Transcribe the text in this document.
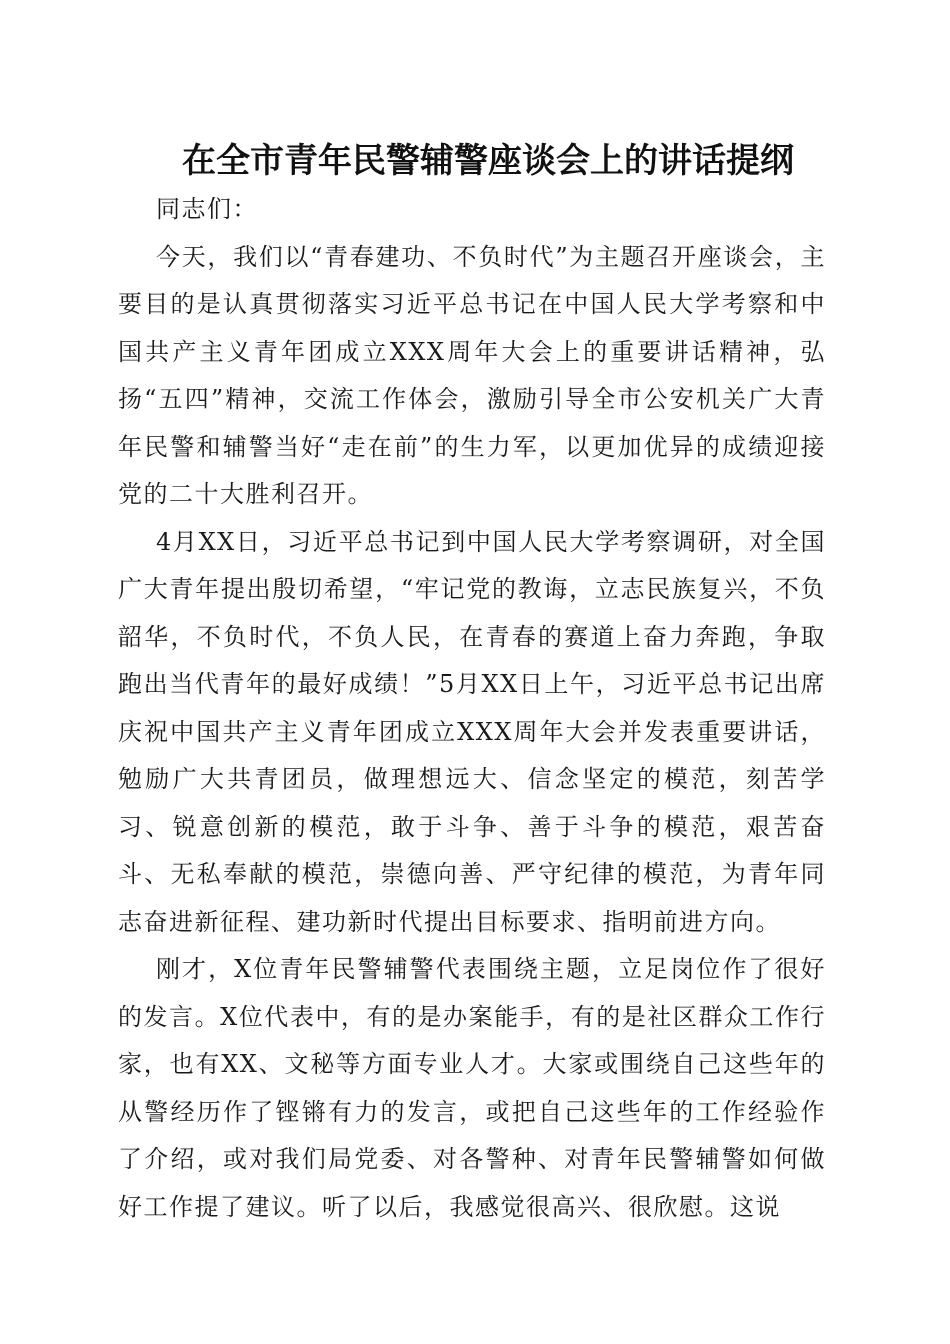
在全市青年民警辅警座谈会上的讲话提纲

同志们：

今天，我们以“青春建功、不负时代”为主题召开座谈会，主要目的是认真贯彻落实习近平总书记在中国人民大学考察和中国共产主义青年团成立XXX周年大会上的重要讲话精神，弘扬“五四”精神，交流工作体会，激励引导全市公安机关广大青年民警和辅警当好“走在前”的生力军，以更加优异的成绩迎接党的二十大胜利召开。

4月XX日，习近平总书记到中国人民大学考察调研，对全国广大青年提出殷切希望，“牢记党的教诲，立志民族复兴，不负韶华，不负时代，不负人民，在青春的赛道上奋力奔跑，争取跑出当代青年的最好成绩！”5月XX日上午，习近平总书记出席庆祝中国共产主义青年团成立XXX周年大会并发表重要讲话，勉励广大共青团员，做理想远大、信念坚定的模范，刻苦学习、锐意创新的模范，敢于斗争、善于斗争的模范，艰苦奋斗、无私奉献的模范，崇德向善、严守纪律的模范，为青年同志奋进新征程、建功新时代提出目标要求、指明前进方向。

刚才，X位青年民警辅警代表围绕主题，立足岗位作了很好的发言。X位代表中，有的是办案能手，有的是社区群众工作行家，也有XX、文秘等方面专业人才。大家或围绕自己这些年的从警经历作了铿锵有力的发言，或把自己这些年的工作经验作了介绍，或对我们局党委、对各警种、对青年民警辅警如何做好工作提了建议。听了以后，我感觉很高兴、很欣慰。这说
